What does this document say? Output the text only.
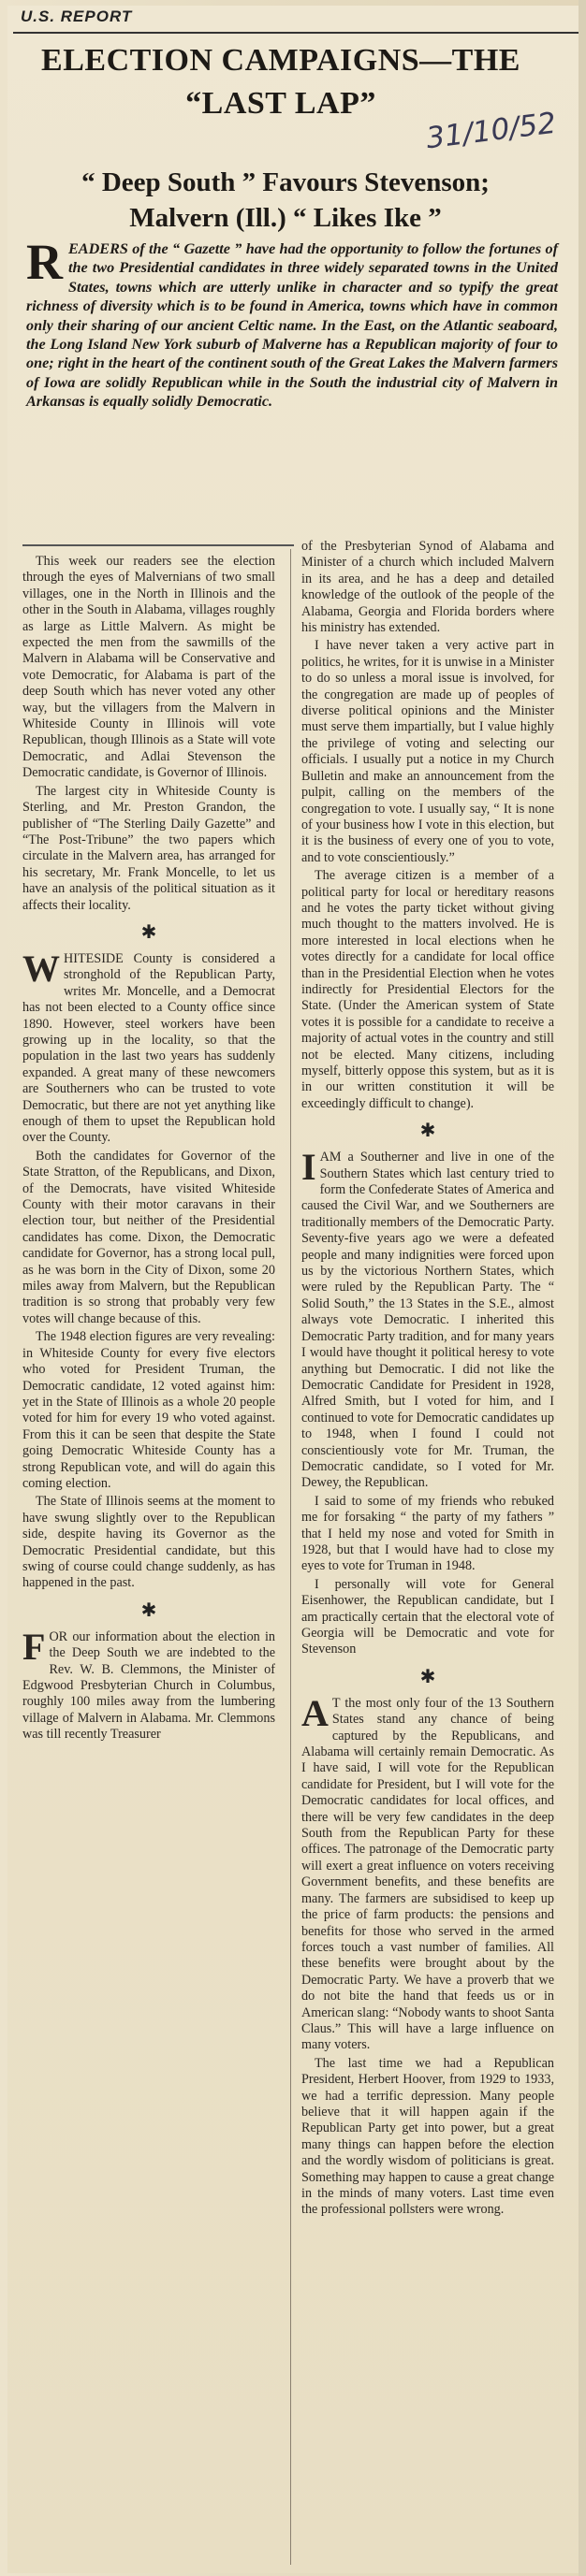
U.S. REPORT
ELECTION CAMPAIGNS—THE
“LAST LAP”
31/10/52
“ Deep South ” Favours Stevenson;
Malvern (Ill.) “ Likes Ike ”
READERS of the “ Gazette ” have had the opportunity to follow the fortunes of the two Presidential candidates in three widely separated towns in the United States, towns which are utterly unlike in character and so typify the great richness of diversity which is to be found in America, towns which have in common only their sharing of our ancient Celtic name. In the East, on the Atlantic seaboard, the Long Island New York suburb of Malverne has a Republican majority of four to one; right in the heart of the continent south of the Great Lakes the Malvern farmers of Iowa are solidly Republican while in the South the industrial city of Malvern in Arkansas is equally solidly Democratic.

This week our readers see the election through the eyes of Malvernians of two small villages, one in the North in Illinois and the other in the South in Alabama, villages roughly as large as Little Malvern. As might be expected the men from the sawmills of the Malvern in Alabama will be Conservative and vote Democratic, for Alabama is part of the deep South which has never voted any other way, but the villagers from the Malvern in Whiteside County in Illinois will vote Republican, though Illinois as a State will vote Democratic, and Adlai Stevenson the Democratic candidate, is Governor of Illinois.

The largest city in Whiteside County is Sterling, and Mr. Preston Grandon, the publisher of “The Sterling Daily Gazette” and “The Post-Tribune” the two papers which circulate in the Malvern area, has arranged for his secretary, Mr. Frank Moncelle, to let us have an analysis of the political situation as it affects their locality.

✱

WHITESIDE County is considered a stronghold of the Republican Party, writes Mr. Moncelle, and a Democrat has not been elected to a County office since 1890. However, steel workers have been growing up in the locality, so that the population in the last two years has suddenly expanded. A great many of these newcomers are Southerners who can be trusted to vote Democratic, but there are not yet anything like enough of them to upset the Republican hold over the County.

Both the candidates for Governor of the State Stratton, of the Republicans, and Dixon, of the Democrats, have visited Whiteside County with their motor caravans in their election tour, but neither of the Presidential candidates has come. Dixon, the Democratic candidate for Governor, has a strong local pull, as he was born in the City of Dixon, some 20 miles away from Malvern, but the Republican tradition is so strong that probably very few votes will change because of this.

The 1948 election figures are very revealing: in Whiteside County for every five electors who voted for President Truman, the Democratic candidate, 12 voted against him: yet in the State of Illinois as a whole 20 people voted for him for every 19 who voted against. From this it can be seen that despite the State going Democratic Whiteside County has a strong Republican vote, and will do again this coming election.

The State of Illinois seems at the moment to have swung slightly over to the Republican side, despite having its Governor as the Democratic Presidential candidate, but this swing of course could change suddenly, as has happened in the past.

✱

FOR our information about the election in the Deep South we are indebted to the Rev. W. B. Clemmons, the Minister of Edgwood Presbyterian Church in Columbus, roughly 100 miles away from the lumbering village of Malvern in Alabama. Mr. Clemmons was till recently Treasurer

of the Presbyterian Synod of Alabama and Minister of a church which included Malvern in its area, and he has a deep and detailed knowledge of the outlook of the people of the Alabama, Georgia and Florida borders where his ministry has extended.

I have never taken a very active part in politics, he writes, for it is unwise in a Minister to do so unless a moral issue is involved, for the congregation are made up of peoples of diverse political opinions and the Minister must serve them impartially, but I value highly the privilege of voting and selecting our officials. I usually put a notice in my Church Bulletin and make an announcement from the pulpit, calling on the members of the congregation to vote. I usually say, “ It is none of your business how I vote in this election, but it is the business of every one of you to vote, and to vote conscientiously.”

The average citizen is a member of a political party for local or hereditary reasons and he votes the party ticket without giving much thought to the matters involved. He is more interested in local elections when he votes directly for a candidate for local office than in the Presidential Election when he votes indirectly for Presidential Electors for the State. (Under the American system of State votes it is possible for a candidate to receive a majority of actual votes in the country and still not be elected. Many citizens, including myself, bitterly oppose this system, but as it is in our written constitution it will be exceedingly difficult to change).

✱

IAM a Southerner and live in one of the Southern States which last century tried to form the Confederate States of America and caused the Civil War, and we Southerners are traditionally members of the Democratic Party. Seventy-five years ago we were a defeated people and many indignities were forced upon us by the victorious Northern States, which were ruled by the Republican Party. The “ Solid South,” the 13 States in the S.E., almost always vote Democratic. I inherited this Democratic Party tradition, and for many years I would have thought it political heresy to vote anything but Democratic. I did not like the Democratic Candidate for President in 1928, Alfred Smith, but I voted for him, and I continued to vote for Democratic candidates up to 1948, when I found I could not conscientiously vote for Mr. Truman, the Democratic candidate, so I voted for Mr. Dewey, the Republican.

I said to some of my friends who rebuked me for forsaking “ the party of my fathers ” that I held my nose and voted for Smith in 1928, but that I would have had to close my eyes to vote for Truman in 1948.

I personally will vote for General Eisenhower, the Republican candidate, but I am practically certain that the electoral vote of Georgia will be Democratic and vote for Stevenson

✱

A T the most only four of the 13 Southern States stand any chance of being captured by the Republicans, and Alabama will certainly remain Democratic. As I have said, I will vote for the Republican candidate for President, but I will vote for the Democratic candidates for local offices, and there will be very few candidates in the deep South from the Republican Party for these offices. The patronage of the Democratic party will exert a great influence on voters receiving Government benefits, and these benefits are many. The farmers are subsidised to keep up the price of farm products: the pensions and benefits for those who served in the armed forces touch a vast number of families. All these benefits were brought about by the Democratic Party. We have a proverb that we do not bite the hand that feeds us or in American slang: “Nobody wants to shoot Santa Claus.” This will have a large influence on many voters.

The last time we had a Republican President, Herbert Hoover, from 1929 to 1933, we had a terrific depression. Many people believe that it will happen again if the Republican Party get into power, but a great many things can happen before the election and the wordly wisdom of politicians is great. Something may happen to cause a great change in the minds of many voters. Last time even the professional pollsters were wrong.
